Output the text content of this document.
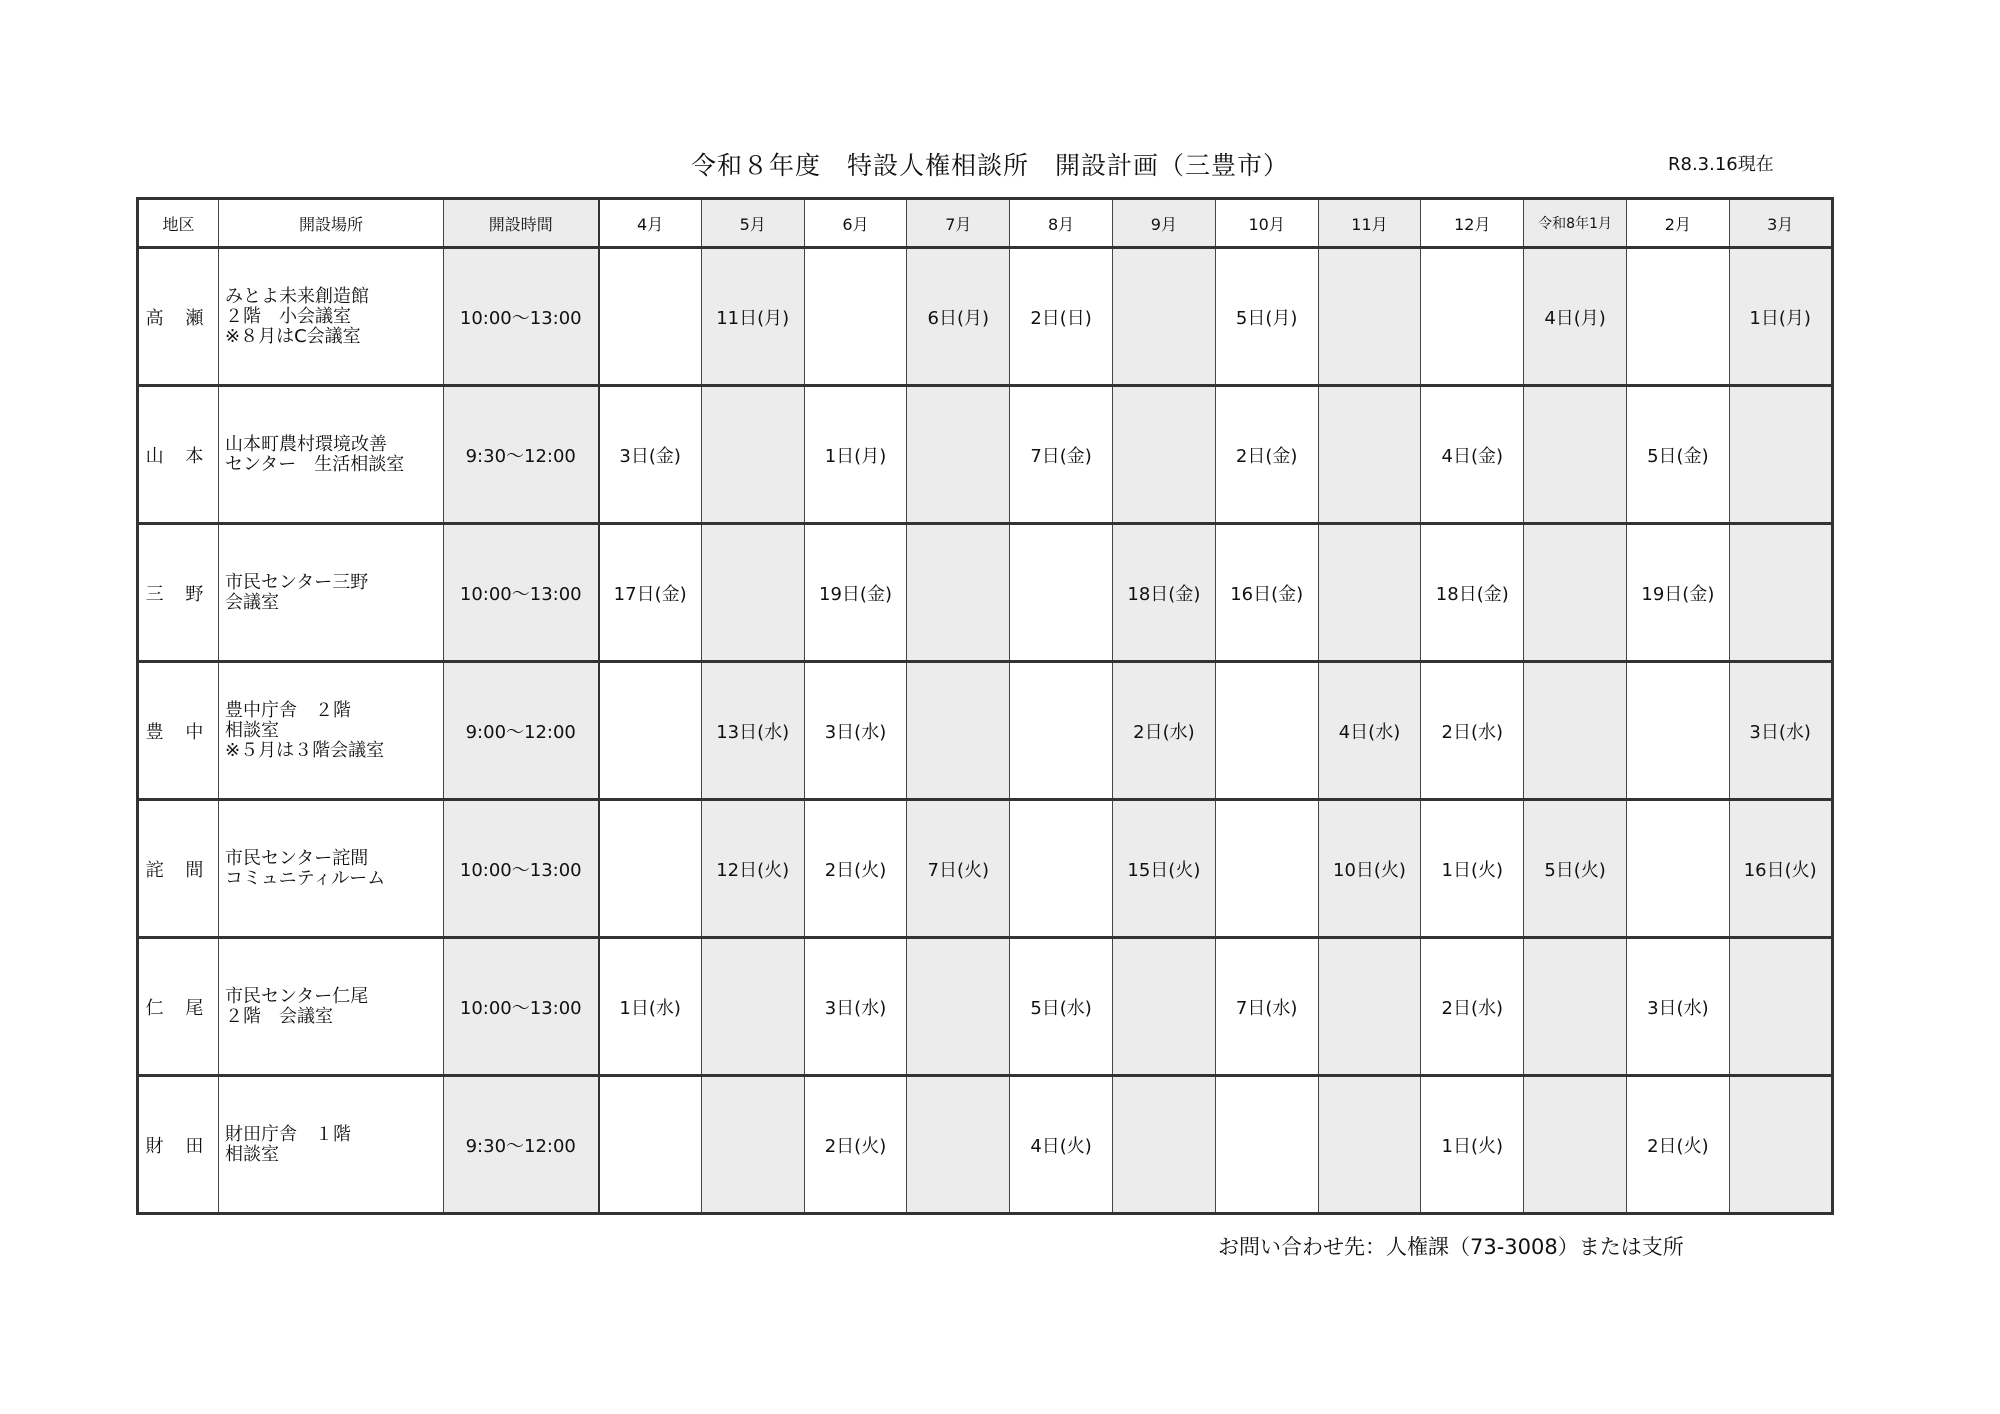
令和８年度　特設人権相談所　開設計画（三豊市）	R8.3.16現在
地区	開設場所	開設時間	4月	5月	6月	7月	8月	9月	10月	11月	12月	令和8年1月	2月	3月
高 瀬	みとよ未来創造館
２階　小会議室
※８月はC会議室	10:00～13:00		11日(月)		6日(月)	2日(日)		5日(月)			4日(月)		1日(月)
山 本	山本町農村環境改善
センター　生活相談室	9:30～12:00	3日(金)		1日(月)		7日(金)		2日(金)		4日(金)		5日(金)	
三 野	市民センター三野
会議室	10:00～13:00	17日(金)		19日(金)			18日(金)	16日(金)		18日(金)		19日(金)	
豊 中	豊中庁舎　２階
相談室
※５月は３階会議室	9:00～12:00		13日(水)	3日(水)			2日(水)		4日(水)	2日(水)			3日(水)
詫 間	市民センター詫間
コミュニティルーム	10:00～13:00		12日(火)	2日(火)	7日(火)		15日(火)		10日(火)	1日(火)	5日(火)		16日(火)
仁 尾	市民センター仁尾
２階　会議室	10:00～13:00	1日(水)		3日(水)		5日(水)		7日(水)		2日(水)		3日(水)	
財 田	財田庁舎　１階
相談室	9:30～12:00			2日(火)		4日(火)				1日(火)		2日(火)	
お問い合わせ先：人権課（73-3008）または支所
